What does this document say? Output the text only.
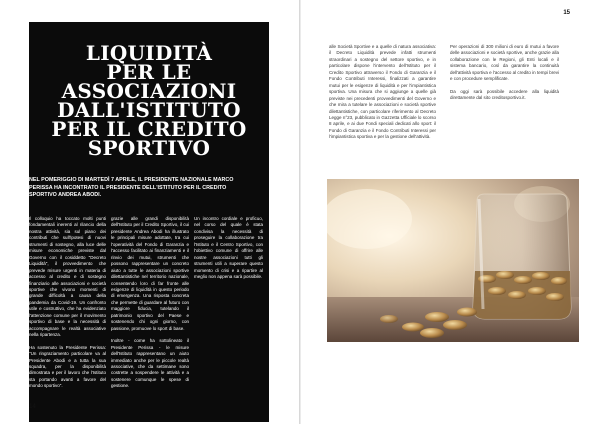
LIQUIDITÀ
PER LE
ASSOCIAZIONI
DALL'ISTITUTO
PER IL CREDITO
SPORTIVO

NEL POMERIGGIO DI MARTEDÌ 7 APRILE, IL PRESIDENTE NAZIONALE MARCO PERISSA HA INCONTRATO IL PRESIDENTE DELL'ISTITUTO PER IL CREDITO SPORTIVO ANDREA ABODI.

Il colloquio ha toccato molti punti fondamentali inerenti al rilancio della nostra attività, sia sul piano dei contributi che sull'ipotesi di nuovi strumenti di sostegno, alla luce delle misure economiche previste dal Governo con il cosiddetto "Decreto Liquidità", il provvedimento che prevede misure urgenti in materia di accesso al credito e di sostegno finanziario alle associazioni e società sportive che vivono momenti di grande difficoltà a causa della pandemia da Covid-19. Un confronto utile e costruttivo, che ha evidenziato l'attenzione comune per il movimento sportivo di base e la necessità di accompagnare le realtà associative nella ripartenza.

Ha sostenuto la Presidente Perissa: "Un ringraziamento particolare va al Presidente Abodi e a tutta la sua squadra, per la disponibilità dimostrata e per il lavoro che l'Istituto sta portando avanti a favore del mondo sportivo".

grazie alle grandi disponibilità dell'Istituto per il Credito Sportivo, il cui presidente Andrea Abodi ha illustrato le principali misure adottate, tra cui l'operatività del Fondo di Garanzia e l'accesso facilitato ai finanziamenti e il rinvio dei mutui, strumenti che possono rappresentare un concreto aiuto a tutte le associazioni sportive dilettantistiche nel territorio nazionale, consentendo loro di far fronte alle esigenze di liquidità in questo periodo di emergenza. Una risposta concreta che permette di guardare al futuro con maggiore fiducia, tutelando il patrimonio sportivo del Paese e sostenendo chi ogni giorno, con passione, promuove lo sport di base.

Inoltre - come ha sottolineato il Presidente Perissa - le misure dell'Istituto rappresentano un aiuto immediato anche per le piccole realtà associative, che da settimane sono costrette a sospendere le attività e a sostenere comunque le spese di gestione.

Un incontro cordiale e proficuo, nel corso del quale è stata condivisa la necessità di proseguire la collaborazione tra l'Istituto e il Centro Sportivo, con l'obiettivo comune di offrire alle nostre associazioni tutti gli strumenti utili a superare questo momento di crisi e a ripartire al meglio non appena sarà possibile.

14
15

alle Società Sportive e a quelle di natura associativa: il Decreto Liquidità prevede infatti strumenti straordinari a sostegno del settore sportivo, e in particolare dispone l'intervento dell'Istituto per il Credito Sportivo attraverso il Fondo di Garanzia e il Fondo Contributi Interessi, finalizzati a garantire mutui per le esigenze di liquidità e per l'impiantistica sportiva. Una misura che si aggiunge a quelle già previste nei precedenti provvedimenti del Governo e che mira a tutelare le associazioni e società sportive dilettantistiche, con particolare riferimento al Decreto Legge n°23, pubblicato in Gazzetta Ufficiale lo scorso 8 aprile, e ai due Fondi speciali dedicati allo sport: il Fondo di Garanzia e il Fondo Contributi Interessi per l'impiantistica sportiva e per la gestione dell'attività.

Per operazioni di 300 milioni di euro di mutui a favore delle associazioni e società sportive, anche grazie alla collaborazione con le Regioni, gli Enti locali e il sistema bancario, così da garantire la continuità dell'attività sportiva e l'accesso al credito in tempi brevi e con procedure semplificate.

Da oggi sarà possibile accedere alla liquidità direttamente dal sito creditosportivo.it.
